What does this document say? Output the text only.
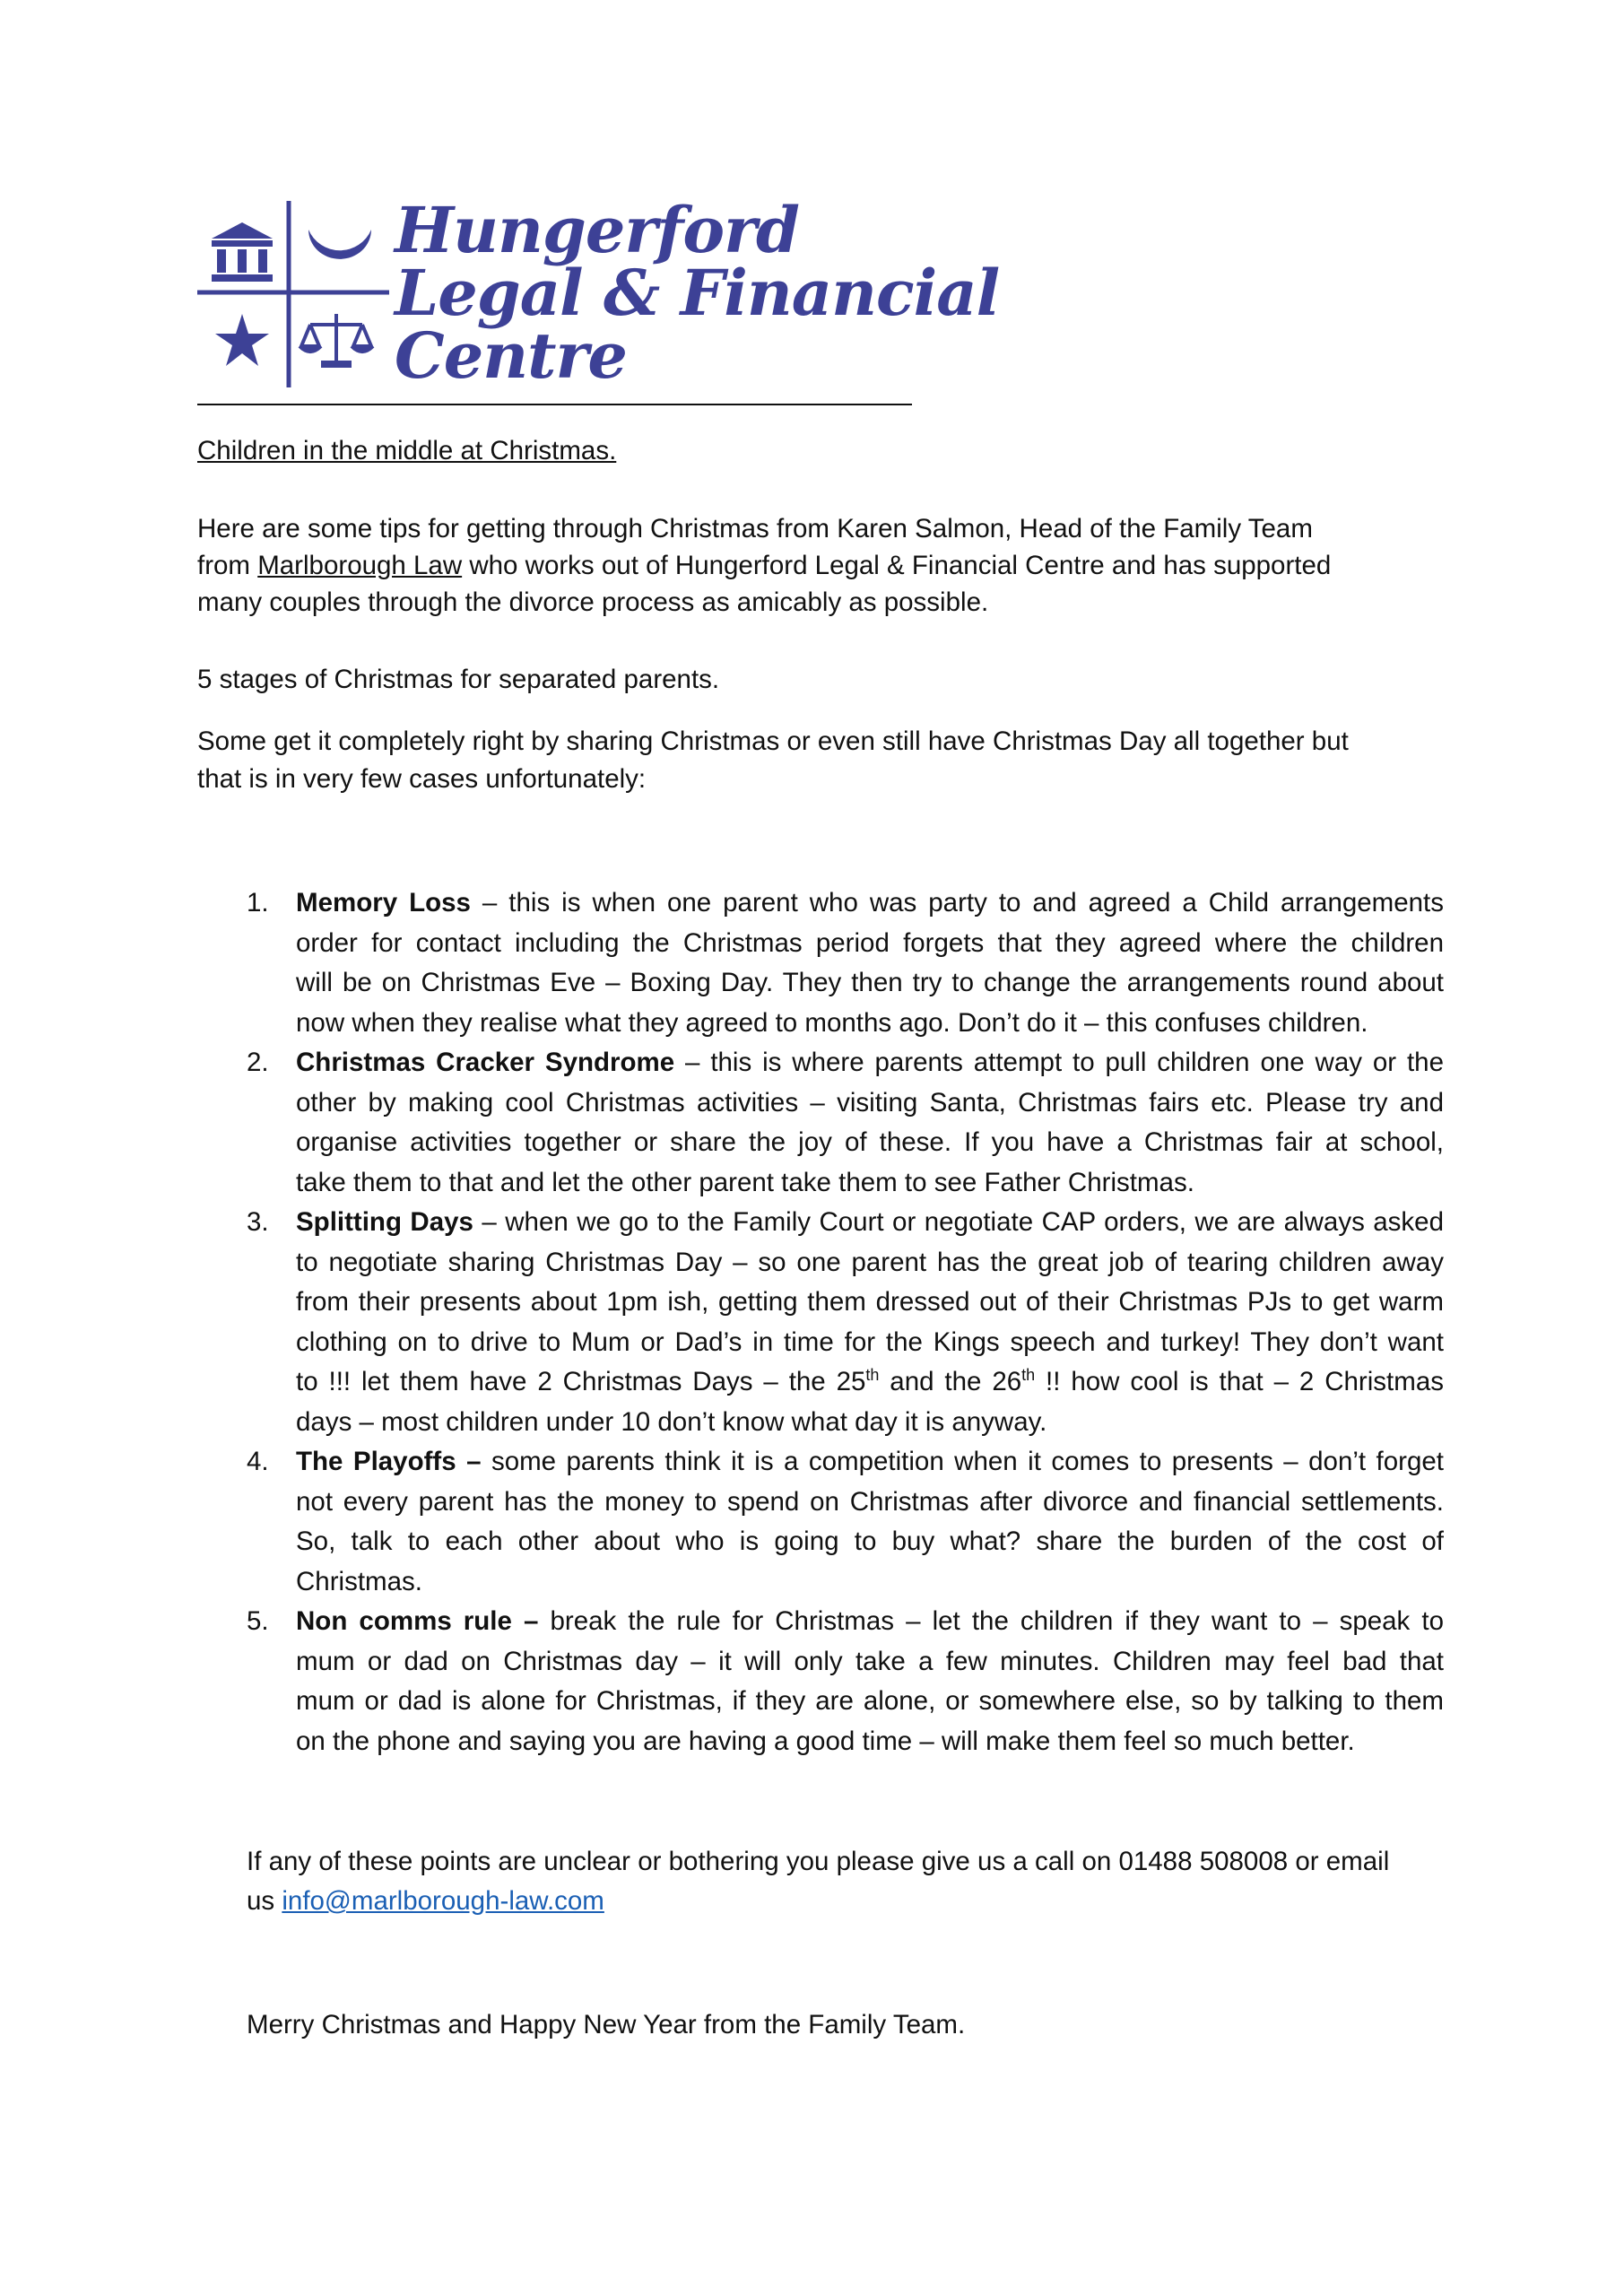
Hungerford
Legal & Financial
Centre
Children in the middle at Christmas.
Here are some tips for getting through Christmas from Karen Salmon, Head of the Family Team
from Marlborough Law who works out of Hungerford Legal & Financial Centre and has supported
many couples through the divorce process as amicably as possible.
5 stages of Christmas for separated parents.
Some get it completely right by sharing Christmas or even still have Christmas Day all together but
that is in very few cases unfortunately:
1. Memory Loss – this is when one parent who was party to and agreed a Child arrangements
order for contact including the Christmas period forgets that they agreed where the children
will be on Christmas Eve – Boxing Day. They then try to change the arrangements round about
now when they realise what they agreed to months ago. Don’t do it – this confuses children.
2. Christmas Cracker Syndrome – this is where parents attempt to pull children one way or the
other by making cool Christmas activities – visiting Santa, Christmas fairs etc. Please try and
organise activities together or share the joy of these. If you have a Christmas fair at school,
take them to that and let the other parent take them to see Father Christmas.
3. Splitting Days – when we go to the Family Court or negotiate CAP orders, we are always asked
to negotiate sharing Christmas Day – so one parent has the great job of tearing children away
from their presents about 1pm ish, getting them dressed out of their Christmas PJs to get warm
clothing on to drive to Mum or Dad’s in time for the Kings speech and turkey! They don’t want
to !!! let them have 2 Christmas Days – the 25th and the 26th !! how cool is that – 2 Christmas
days – most children under 10 don’t know what day it is anyway.
4. The Playoffs – some parents think it is a competition when it comes to presents – don’t forget
not every parent has the money to spend on Christmas after divorce and financial settlements.
So, talk to each other about who is going to buy what? share the burden of the cost of
Christmas.
5. Non comms rule – break the rule for Christmas – let the children if they want to – speak to
mum or dad on Christmas day – it will only take a few minutes. Children may feel bad that
mum or dad is alone for Christmas, if they are alone, or somewhere else, so by talking to them
on the phone and saying you are having a good time – will make them feel so much better.
If any of these points are unclear or bothering you please give us a call on 01488 508008 or email
us info@marlborough-law.com
Merry Christmas and Happy New Year from the Family Team.
